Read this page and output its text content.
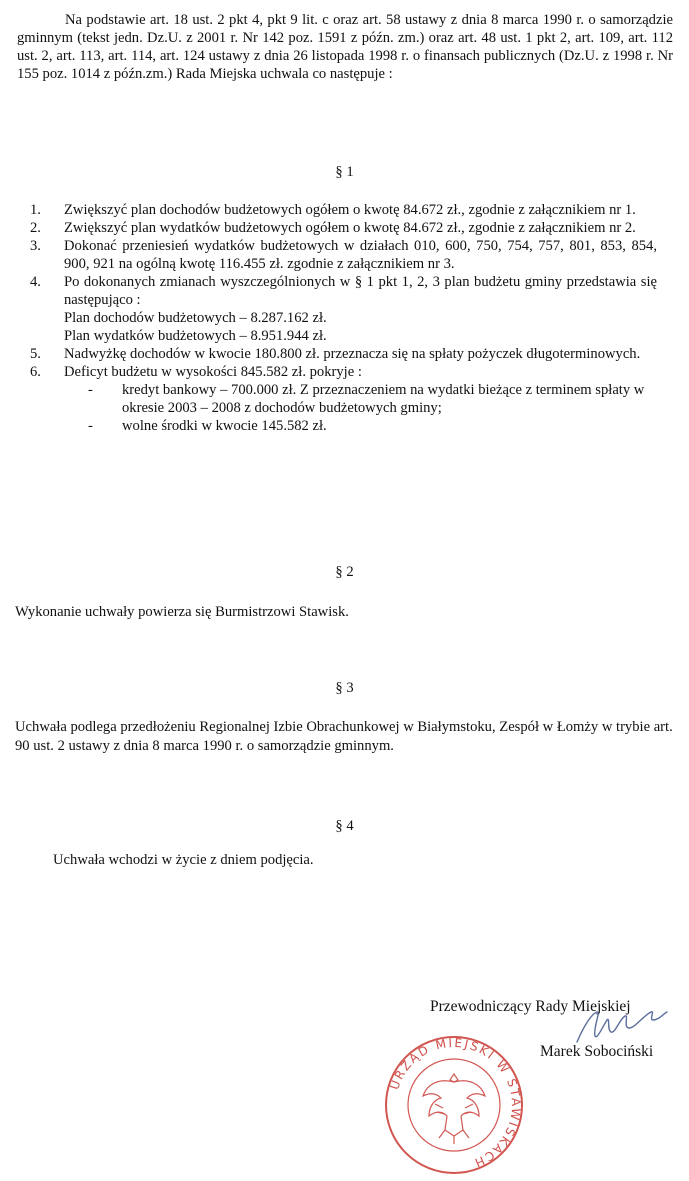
Na podstawie art. 18 ust. 2 pkt 4, pkt 9 lit. c oraz art. 58 ustawy z dnia 8 marca 1990 r. o samorządzie gminnym (tekst jedn. Dz.U. z 2001 r. Nr 142 poz. 1591 z późn. zm.) oraz art. 48 ust. 1 pkt 2, art. 109, art. 112 ust. 2, art. 113, art. 114, art. 124 ustawy z dnia 26 listopada 1998 r. o finansach publicznych (Dz.U. z 1998 r. Nr 155 poz. 1014 z późn.zm.) Rada Miejska uchwala co następuje :
§ 1
1.	Zwiększyć plan dochodów budżetowych ogółem o kwotę 84.672 zł., zgodnie z załącznikiem nr 1.
2.	Zwiększyć plan wydatków budżetowych ogółem o kwotę 84.672 zł., zgodnie z załącznikiem nr 2.
3.	Dokonać przeniesień wydatków budżetowych w działach 010, 600, 750, 754, 757, 801, 853, 854, 900, 921 na ogólną kwotę 116.455 zł. zgodnie z załącznikiem nr 3.
4.	Po dokonanych zmianach wyszczególnionych w § 1 pkt 1, 2, 3 plan budżetu gminy przedstawia się następująco :
Plan dochodów budżetowych – 8.287.162 zł.
Plan wydatków budżetowych – 8.951.944 zł.
5.	Nadwyżkę dochodów w kwocie 180.800 zł. przeznacza się na spłaty pożyczek długoterminowych.
6.	Deficyt budżetu w wysokości 845.582 zł. pokryje :
- kredyt bankowy – 700.000 zł. Z przeznaczeniem na wydatki bieżące z terminem spłaty w okresie 2003 – 2008 z dochodów budżetowych gminy;
- wolne środki w kwocie 145.582 zł.
§ 2
Wykonanie uchwały powierza się Burmistrzowi Stawisk.
§ 3
Uchwała podlega przedłożeniu Regionalnej Izbie Obrachunkowej w Białymstoku, Zespół w Łomży w trybie art. 90 ust. 2 ustawy z dnia 8 marca 1990 r. o samorządzie gminnym.
§ 4
Uchwała wchodzi w życie z dniem podjęcia.
Przewodniczący Rady Miejskiej
Marek Sobociński
URZĄD MIEJSKI W STAWISKACH
